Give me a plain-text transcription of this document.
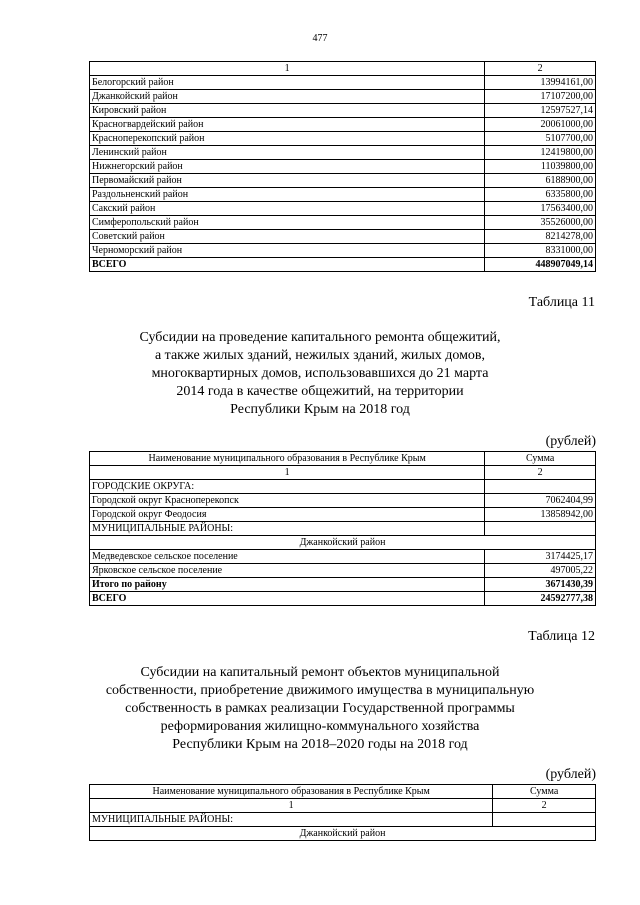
477
1	2
Белогорский район	13994161,00
Джанкойский район	17107200,00
Кировский район	12597527,14
Красногвардейский район	20061000,00
Красноперекопский район	5107700,00
Ленинский район	12419800,00
Нижнегорский район	11039800,00
Первомайский район	6188900,00
Раздольненский район	6335800,00
Сакский район	17563400,00
Симферопольский район	35526000,00
Советский район	8214278,00
Черноморский район	8331000,00
ВСЕГО	448907049,14
Таблица 11
Субсидии на проведение капитального ремонта общежитий,
а также жилых зданий, нежилых зданий, жилых домов,
многоквартирных домов, использовавшихся до 21 марта
2014 года в качестве общежитий, на территории
Республики Крым на 2018 год
(рублей)
Наименование муниципального образования в Республике Крым	Сумма
1	2
ГОРОДСКИЕ ОКРУГА:	
Городской округ Красноперекопск	7062404,99
Городской округ Феодосия	13858942,00
МУНИЦИПАЛЬНЫЕ РАЙОНЫ:	
Джанкойский район	
Медведевское сельское поселение	3174425,17
Ярковское сельское поселение	497005,22
Итого по району	3671430,39
ВСЕГО	24592777,38
Таблица 12
Субсидии на капитальный ремонт объектов муниципальной
собственности, приобретение движимого имущества в муниципальную
собственность в рамках реализации Государственной программы
реформирования жилищно-коммунального хозяйства
Республики Крым на 2018–2020 годы на 2018 год
(рублей)
Наименование муниципального образования в Республике Крым	Сумма
1	2
МУНИЦИПАЛЬНЫЕ РАЙОНЫ:	
Джанкойский район	
